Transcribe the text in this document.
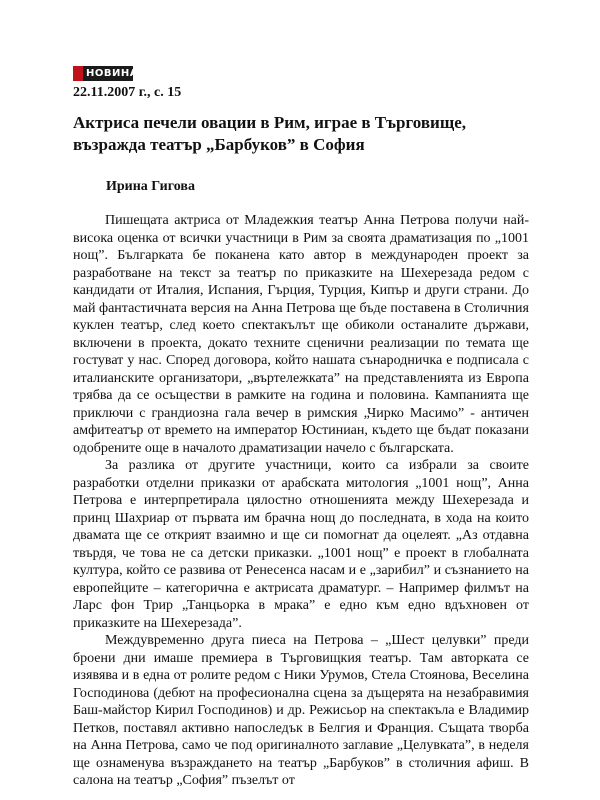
НОВИНАР
22.11.2007 г., с. 15
Актриса печели овации в Рим, играе в Търговище, възражда театър „Барбуков” в София
Ирина Гигова

Пишещата актриса от Младежкия театър Анна Петрова получи най-висока оценка от всички участници в Рим за своята драматизация по „1001 нощ”. Българката бе поканена като автор в международен проект за разработване на текст за театър по приказките на Шехерезада редом с кандидати от Италия, Испания, Гърция, Турция, Кипър и други страни. До май фантастичната версия на Анна Петрова ще бъде поставена в Столичния куклен театър, след което спектакълът ще обиколи останалите държави, включени в проекта, докато техните сценични реализации по темата ще гостуват у нас. Според договора, който нашата сънародничка е подписала с италианските организатори, „въртележката” на представленията из Европа трябва да се осъществи в рамките на година и половина. Кампанията ще приключи с грандиозна гала вечер в римския „Чирко Масимо” - античен амфитеатър от времето на император Юстиниан, където ще бъдат показани одобрените още в началото драматизации начело с българската.

За разлика от другите участници, които са избрали за своите разработки отделни приказки от арабската митология „1001 нощ”, Анна Петрова е интерпретирала цялостно отношенията между Шехерезада и принц Шахриар от първата им брачна нощ до последната, в хода на които двамата ще се открият взаимно и ще си помогнат да оцелеят. „Аз отдавна твърдя, че това не са детски приказки. „1001 нощ” е проект в глобалната култура, който се развива от Ренесенса насам и е „зарибил” и съзнанието на европейците – категорична е актрисата драматург. – Например филмът на Ларс фон Трир „Танцьорка в мрака” е едно към едно вдъхновен от приказките на Шехерезада”.

Междувременно друга пиеса на Петрова – „Шест целувки” преди броени дни имаше премиера в Търговищкия театър. Там авторката се изявява и в една от ролите редом с Ники Урумов, Стела Стоянова, Веселина Господинова (дебют на професионална сцена за дъщерята на незабравимия Баш-майстор Кирил Господинов) и др. Режисьор на спектакъла е Владимир Петков, поставял активно напоследък в Белгия и Франция. Същата творба на Анна Петрова, само че под оригиналното заглавие „Целувката”, в неделя ще ознаменува възраждането на театър „Барбуков” в столичния афиш. В салона на театър „София” пъзелът от
